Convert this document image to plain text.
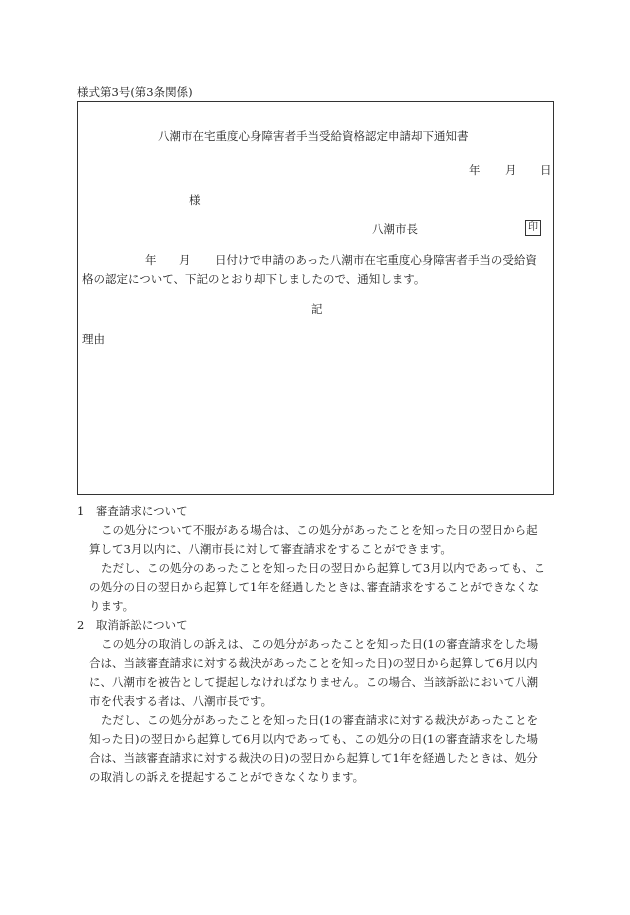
様式第3号(第3条関係)
八潮市在宅重度心身障害者手当受給資格認定申請却下通知書
年 月 日
様
八潮市長	印
年 月 日付けで申請のあった八潮市在宅重度心身障害者手当の受給資
格の認定について、下記のとおり却下しましたので、通知します。
記
理由
1　審査請求について
この処分について不服がある場合は、この処分があったことを知った日の翌日から起
算して3月以内に、八潮市長に対して審査請求をすることができます。
ただし、この処分のあったことを知った日の翌日から起算して3月以内であっても、こ
の処分の日の翌日から起算して1年を経過したときは､審査請求をすることができなくな
ります。
2　取消訴訟について
この処分の取消しの訴えは、この処分があったことを知った日(1の審査請求をした場
合は、当該審査請求に対する裁決があったことを知った日)の翌日から起算して6月以内
に、八潮市を被告として提起しなければなりません。この場合、当該訴訟において八潮
市を代表する者は、八潮市長です。
ただし、この処分があったことを知った日(1の審査請求に対する裁決があったことを
知った日)の翌日から起算して6月以内であっても、この処分の日(1の審査請求をした場
合は、当該審査請求に対する裁決の日)の翌日から起算して1年を経過したときは、処分
の取消しの訴えを提起することができなくなります。
